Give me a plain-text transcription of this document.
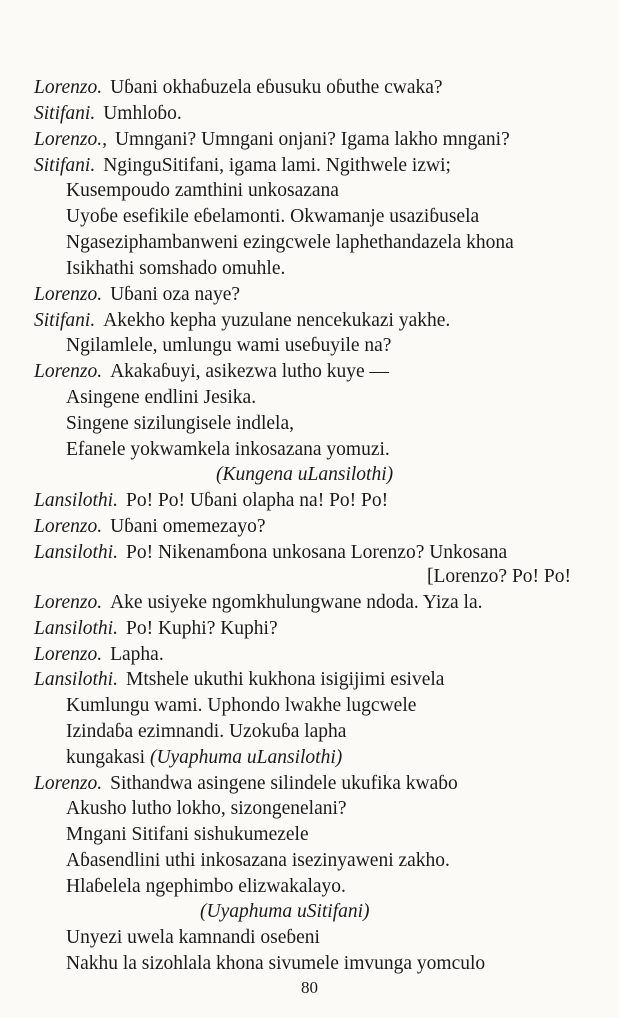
Lorenzo. Uɓani okhaɓuzela eɓusuku oɓuthe cwaka?
Sitifani. Umhloɓo.
Lorenzo., Umngani? Umngani onjani? Igama lakho mngani?
Sitifani. NginguSitifani, igama lami. Ngithwele izwi;
Kusempoudo zamthini unkosazana
Uyoɓe esefikile eɓelamonti. Okwamanje usaziɓusela
Ngaseziphambanweni ezingcwele laphethandazela khona
Isikhathi somshado omuhle.
Lorenzo. Uɓani oza naye?
Sitifani. Akekho kepha yuzulane nencekukazi yakhe.
Ngilamlele, umlungu wami useɓuyile na?
Lorenzo. Akakaɓuyi, asikezwa lutho kuye —
Asingene endlini Jesika.
Singene sizilungisele indlela,
Efanele yokwamkela inkosazana yomuzi.
(Kungena uLansilothi)
Lansilothi. Po! Po! Uɓani olapha na! Po! Po!
Lorenzo. Uɓani omemezayo?
Lansilothi. Po! Nikenamɓona unkosana Lorenzo? Unkosana
[Lorenzo? Po! Po!
Lorenzo. Ake usiyeke ngomkhulungwane ndoda. Yiza la.
Lansilothi. Po! Kuphi? Kuphi?
Lorenzo. Lapha.
Lansilothi. Mtshele ukuthi kukhona isigijimi esivela
Kumlungu wami. Uphondo lwakhe lugcwele
Izindaɓa ezimnandi. Uzokuɓa lapha
kungakasi (Uyaphuma uLansilothi)
Lorenzo. Sithandwa asingene silindele ukufika kwaɓo
Akusho lutho lokho, sizongenelani?
Mngani Sitifani sishukumezele
Aɓasendlini uthi inkosazana isezinyaweni zakho.
Hlaɓelela ngephimbo elizwakalayo.
(Uyaphuma uSitifani)
Unyezi uwela kamnandi oseɓeni
Nakhu la sizohlala khona sivumele imvunga yomculo
80
